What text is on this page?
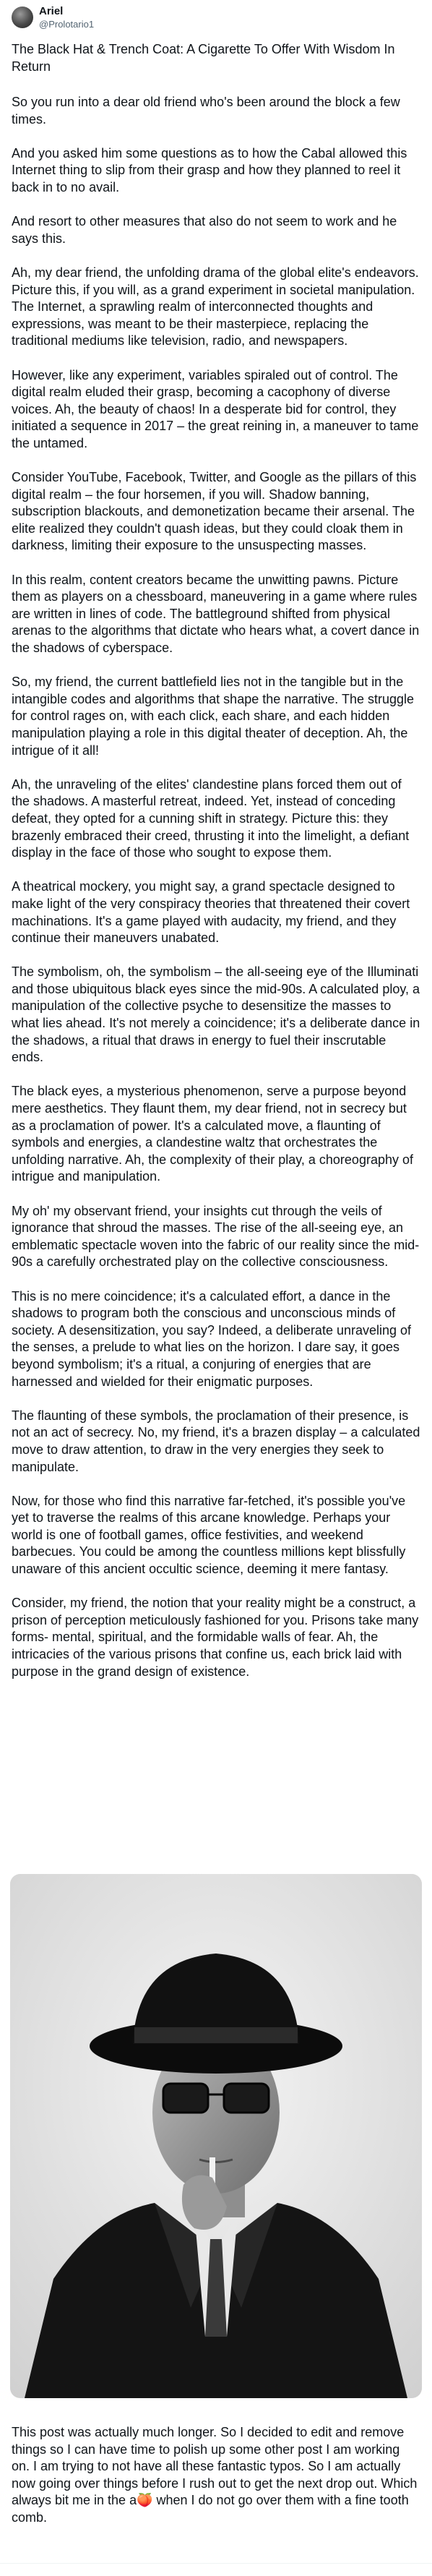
Ariel
@Prolotario1
The Black Hat & Trench Coat: A Cigarette To Offer With Wisdom In Return

So you run into a dear old friend who's been around the block a few times.

And you asked him some questions as to how the Cabal allowed this Internet thing to slip from their grasp and how they planned to reel it back in to no avail.

And resort to other measures that also do not seem to work and he says this.

Ah, my dear friend, the unfolding drama of the global elite's endeavors. Picture this, if you will, as a grand experiment in societal manipulation. The Internet, a sprawling realm of interconnected thoughts and expressions, was meant to be their masterpiece, replacing the traditional mediums like television, radio, and newspapers.

However, like any experiment, variables spiraled out of control. The digital realm eluded their grasp, becoming a cacophony of diverse voices. Ah, the beauty of chaos! In a desperate bid for control, they initiated a sequence in 2017 – the great reining in, a maneuver to tame the untamed.

Consider YouTube, Facebook, Twitter, and Google as the pillars of this digital realm – the four horsemen, if you will. Shadow banning, subscription blackouts, and demonetization became their arsenal. The elite realized they couldn't quash ideas, but they could cloak them in darkness, limiting their exposure to the unsuspecting masses.

In this realm, content creators became the unwitting pawns. Picture them as players on a chessboard, maneuvering in a game where rules are written in lines of code. The battleground shifted from physical arenas to the algorithms that dictate who hears what, a covert dance in the shadows of cyberspace.

So, my friend, the current battlefield lies not in the tangible but in the intangible codes and algorithms that shape the narrative. The struggle for control rages on, with each click, each share, and each hidden manipulation playing a role in this digital theater of deception. Ah, the intrigue of it all!

Ah, the unraveling of the elites' clandestine plans forced them out of the shadows. A masterful retreat, indeed. Yet, instead of conceding defeat, they opted for a cunning shift in strategy. Picture this: they brazenly embraced their creed, thrusting it into the limelight, a defiant display in the face of those who sought to expose them.

A theatrical mockery, you might say, a grand spectacle designed to make light of the very conspiracy theories that threatened their covert machinations. It's a game played with audacity, my friend, and they continue their maneuvers unabated.

The symbolism, oh, the symbolism – the all-seeing eye of the Illuminati and those ubiquitous black eyes since the mid-90s. A calculated ploy, a manipulation of the collective psyche to desensitize the masses to what lies ahead. It's not merely a coincidence; it's a deliberate dance in the shadows, a ritual that draws in energy to fuel their inscrutable ends.

The black eyes, a mysterious phenomenon, serve a purpose beyond mere aesthetics. They flaunt them, my dear friend, not in secrecy but as a proclamation of power. It's a calculated move, a flaunting of symbols and energies, a clandestine waltz that orchestrates the unfolding narrative. Ah, the complexity of their play, a choreography of intrigue and manipulation.

My oh' my observant friend, your insights cut through the veils of ignorance that shroud the masses. The rise of the all-seeing eye, an emblematic spectacle woven into the fabric of our reality since the mid-90s a carefully orchestrated play on the collective consciousness.

This is no mere coincidence; it's a calculated effort, a dance in the shadows to program both the conscious and unconscious minds of society. A desensitization, you say? Indeed, a deliberate unraveling of the senses, a prelude to what lies on the horizon. I dare say, it goes beyond symbolism; it's a ritual, a conjuring of energies that are harnessed and wielded for their enigmatic purposes.

The flaunting of these symbols, the proclamation of their presence, is not an act of secrecy. No, my friend, it's a brazen display – a calculated move to draw attention, to draw in the very energies they seek to manipulate.

Now, for those who find this narrative far-fetched, it's possible you've yet to traverse the realms of this arcane knowledge. Perhaps your world is one of football games, office festivities, and weekend barbecues. You could be among the countless millions kept blissfully unaware of this ancient occultic science, deeming it mere fantasy.

Consider, my friend, the notion that your reality might be a construct, a prison of perception meticulously fashioned for you. Prisons take many forms- mental, spiritual, and the formidable walls of fear. Ah, the intricacies of the various prisons that confine us, each brick laid with purpose in the grand design of existence.

This post was actually much longer. So I decided to edit and remove things so I can have time to polish up some other post I am working on. I am trying to not have all these fantastic typos. So I am actually now going over things before I rush out to get the next drop out. Which always bit me in the a🍑 when I do not go over them with a fine tooth comb.
